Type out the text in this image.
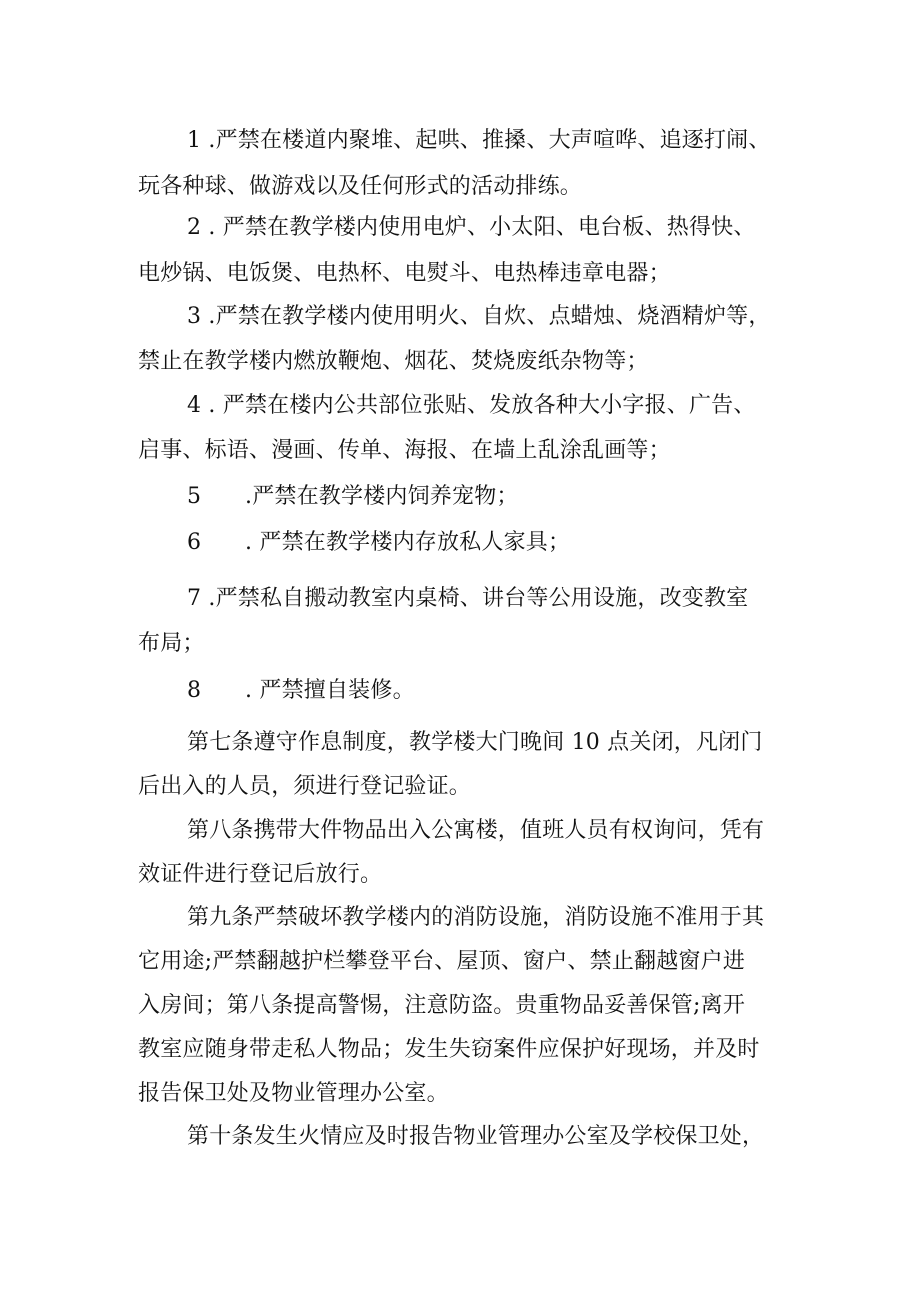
1 .严禁在楼道内聚堆、起哄、推搡、大声喧哗、追逐打闹、
玩各种球、做游戏以及任何形式的活动排练。
2 . 严禁在教学楼内使用电炉、小太阳、电台板、热得快、
电炒锅、电饭煲、电热杯、电熨斗、电热棒违章电器；
3 .严禁在教学楼内使用明火、自炊、点蜡烛、烧酒精炉等，
禁止在教学楼内燃放鞭炮、烟花、焚烧废纸杂物等；
4 . 严禁在楼内公共部位张贴、发放各种大小字报、广告、
启事、标语、漫画、传单、海报、在墙上乱涂乱画等；
5 .严禁在教学楼内饲养宠物；
6 . 严禁在教学楼内存放私人家具；
7 .严禁私自搬动教室内桌椅、讲台等公用设施，改变教室
布局；
8 . 严禁擅自装修。
第七条遵守作息制度，教学楼大门晚间 10 点关闭，凡闭门
后出入的人员，须进行登记验证。
第八条携带大件物品出入公寓楼，值班人员有权询问，凭有
效证件进行登记后放行。
第九条严禁破坏教学楼内的消防设施，消防设施不准用于其
它用途;严禁翻越护栏攀登平台、屋顶、窗户、禁止翻越窗户进
入房间；第八条提高警惕，注意防盗。贵重物品妥善保管;离开
教室应随身带走私人物品；发生失窃案件应保护好现场，并及时
报告保卫处及物业管理办公室。
第十条发生火情应及时报告物业管理办公室及学校保卫处，
